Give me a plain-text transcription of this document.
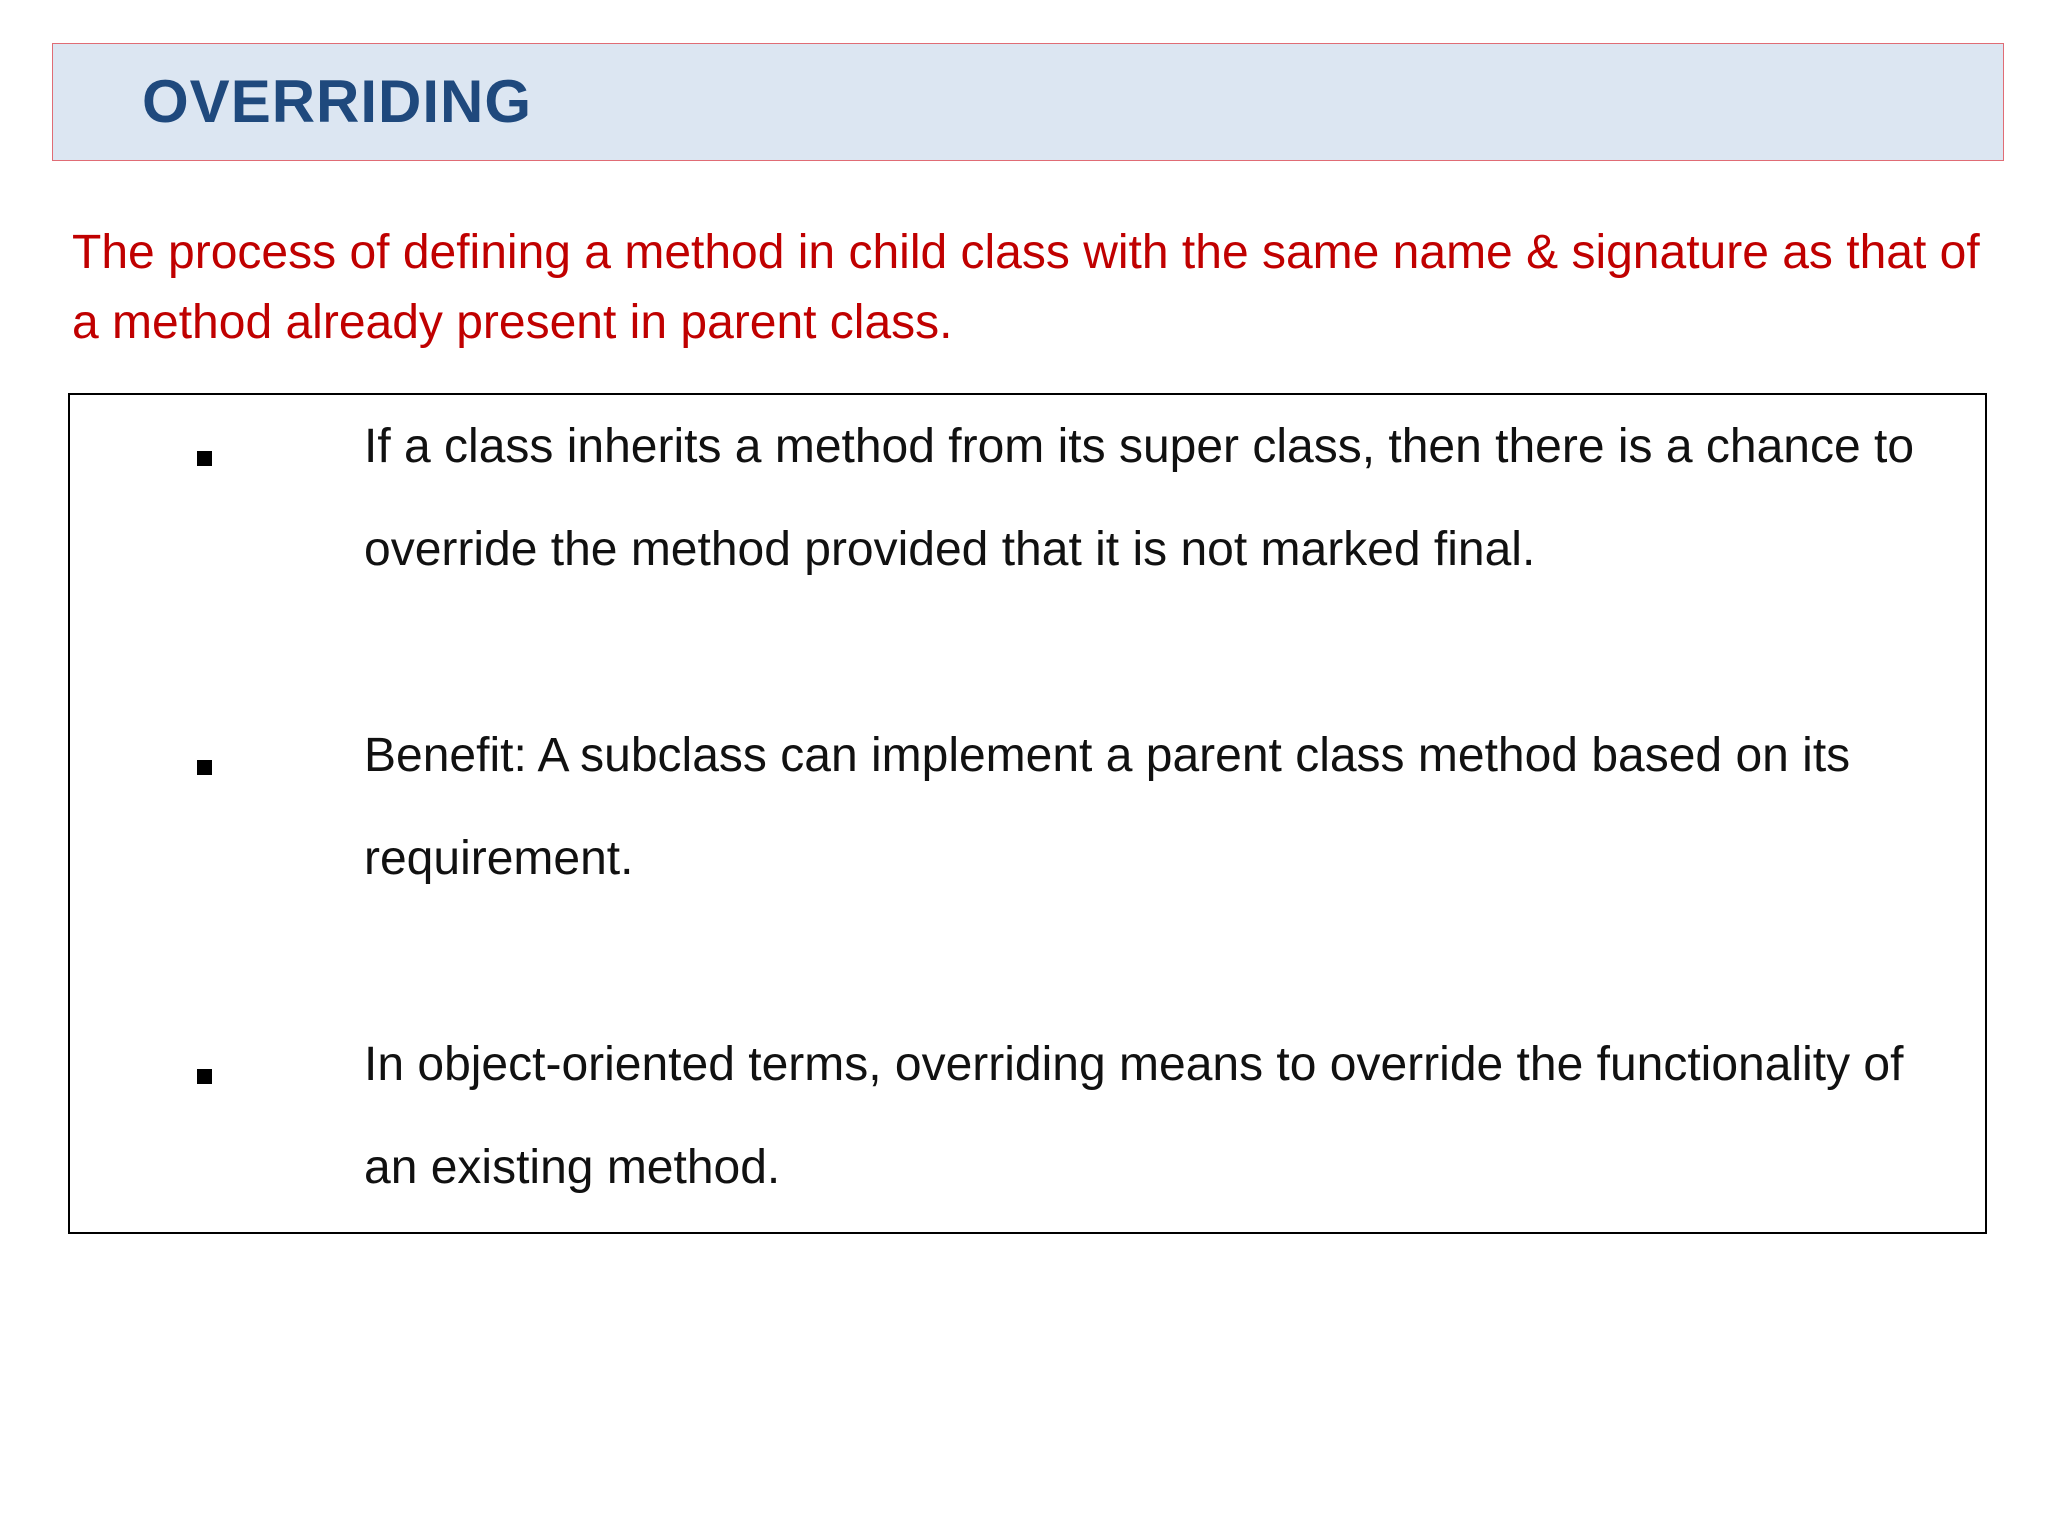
OVERRIDING

The process of defining a method in child class with the same name & signature as that of a method already present in parent class.

If a class inherits a method from its super class, then there is a chance to override the method provided that it is not marked final.

Benefit: A subclass can implement a parent class method based on its requirement.

In object-oriented terms, overriding means to override the functionality of an existing method.
